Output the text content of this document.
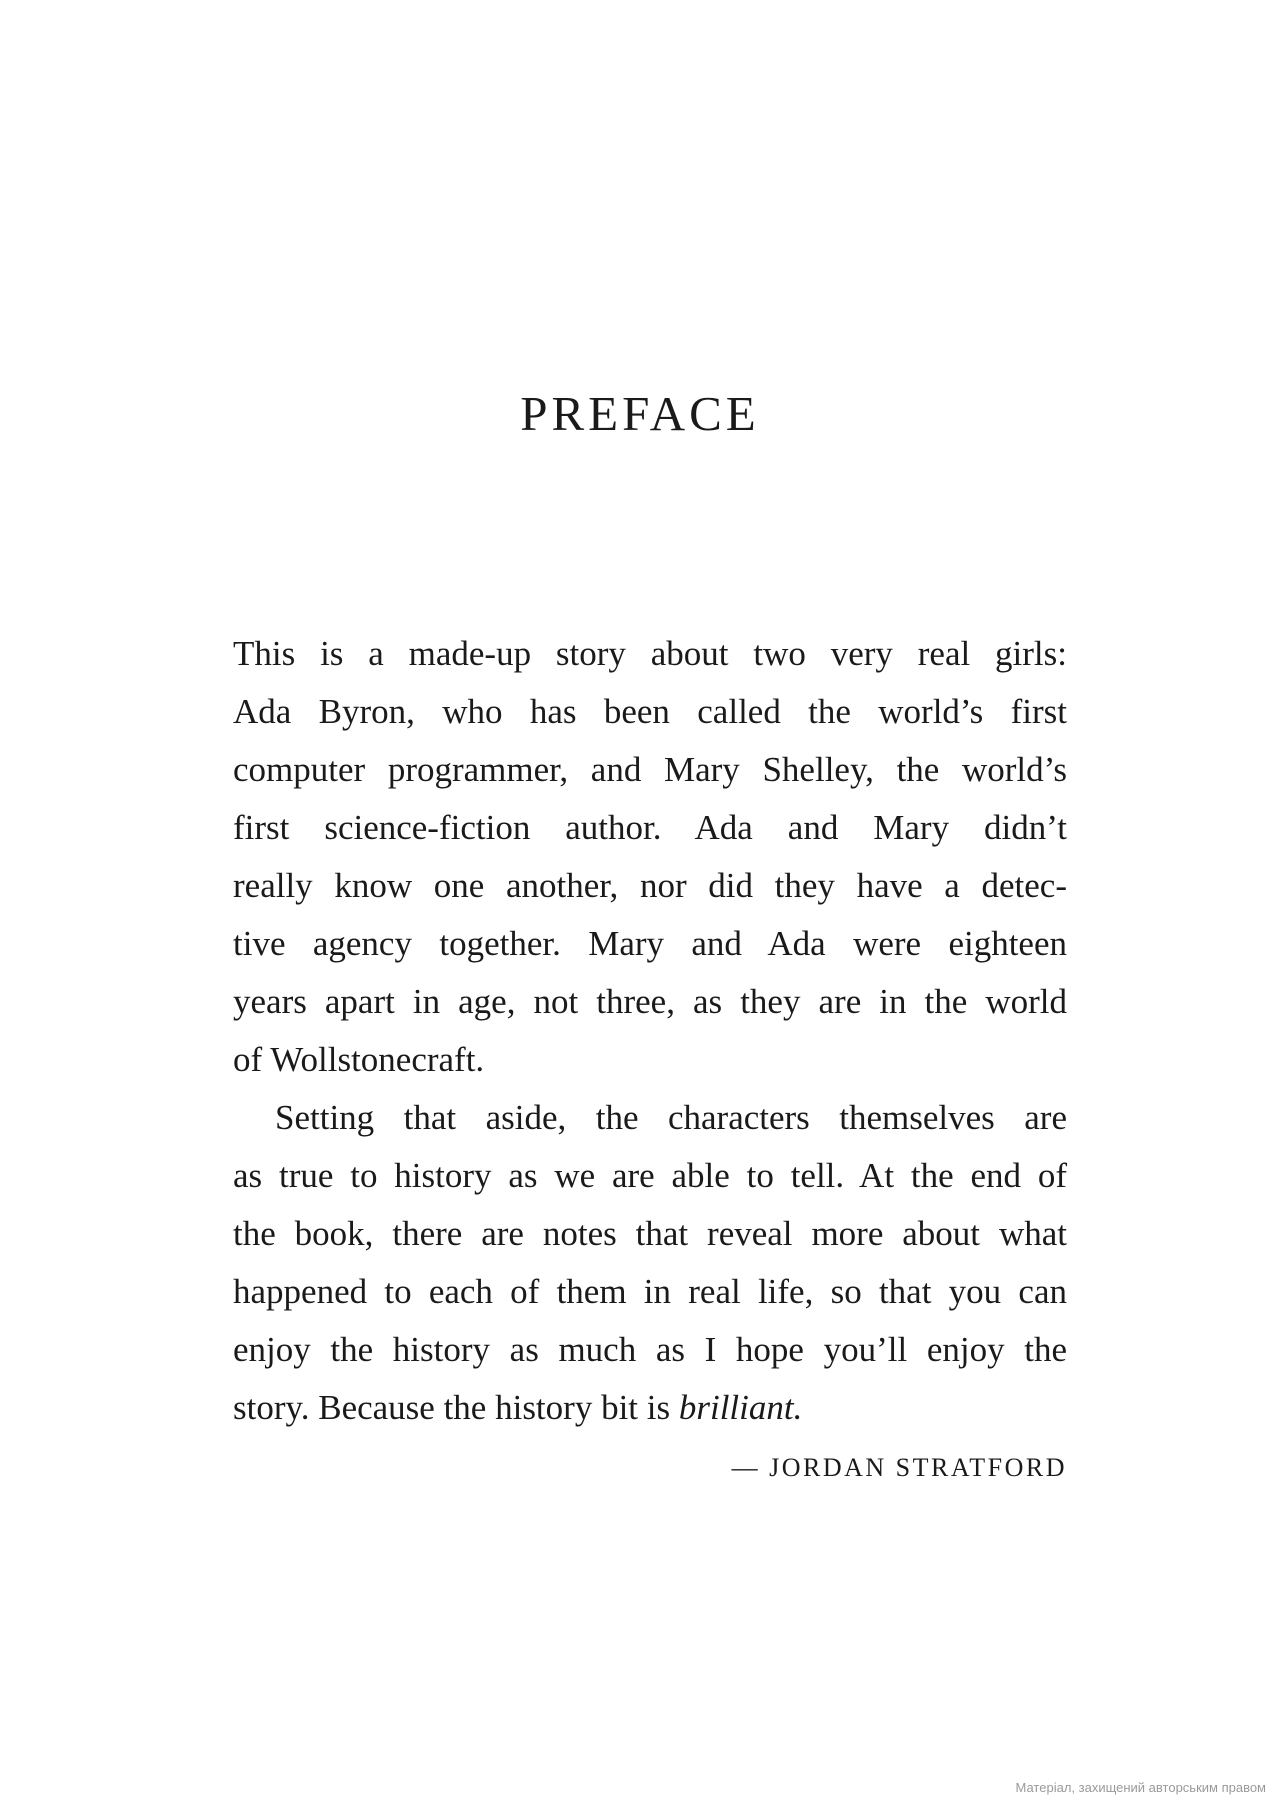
PREFACE
This is a made-up story about two very real girls:
Ada Byron, who has been called the world’s first
computer programmer, and Mary Shelley, the world’s
first science-fiction author. Ada and Mary didn’t
really know one another, nor did they have a detec-
tive agency together. Mary and Ada were eighteen
years apart in age, not three, as they are in the world
of Wollstonecraft.
Setting that aside, the characters themselves are
as true to history as we are able to tell. At the end of
the book, there are notes that reveal more about what
happened to each of them in real life, so that you can
enjoy the history as much as I hope you’ll enjoy the
story. Because the history bit is brilliant.

— JORDAN STRATFORD

Матеріал, захищений авторським правом
